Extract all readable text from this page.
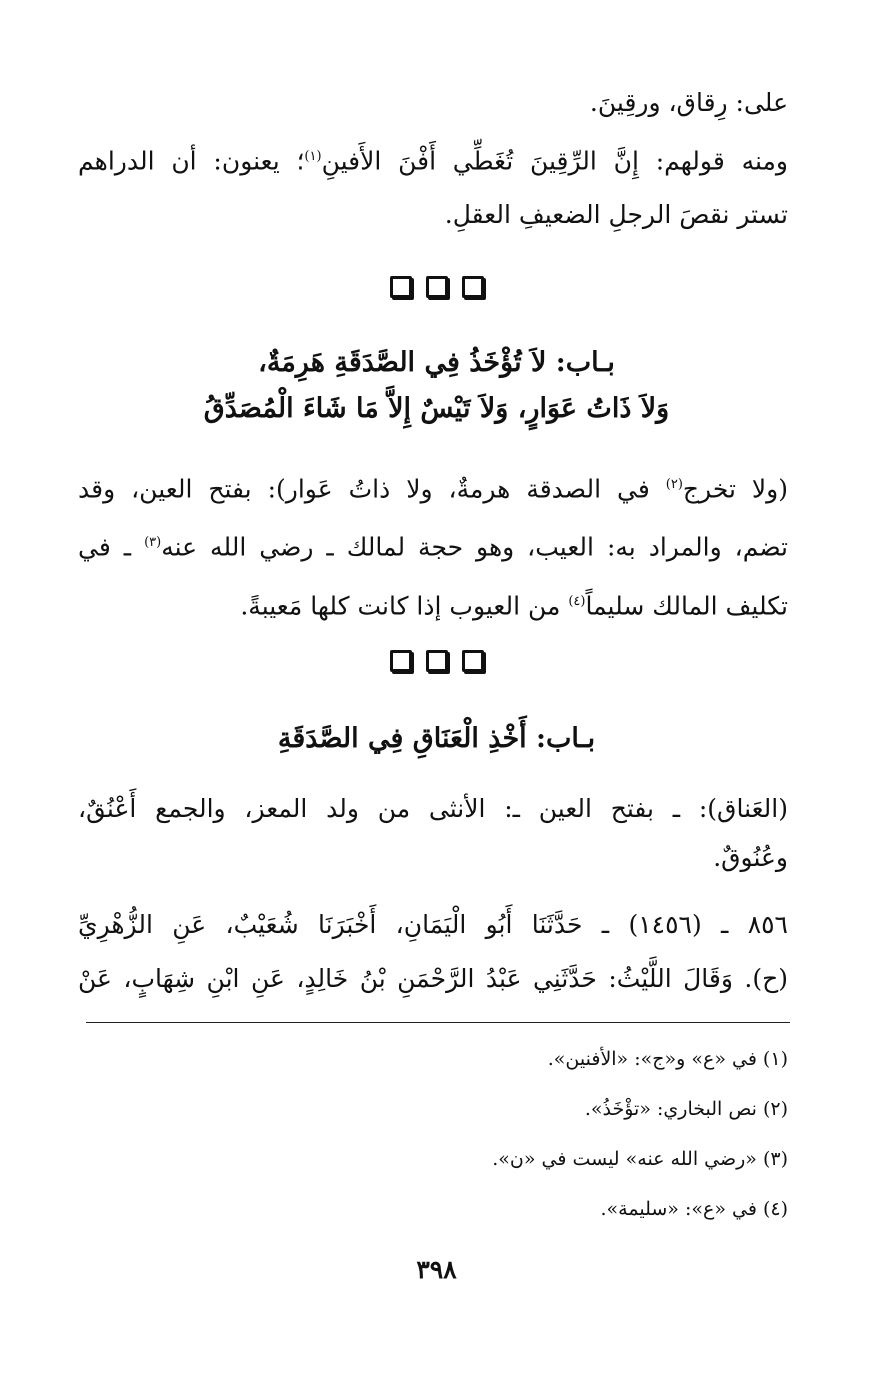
على: رِقاق، ورقِينَ.
ومنه قولهم: إِنَّ الرِّقِينَ تُغَطِّي أَفْنَ الأَفينِ$^{(١)}$؛ يعنون: أن الدراهم
تستر نقصَ الرجلِ الضعيفِ العقلِ.
بـاب: لاَ تُؤْخَذُ فِي الصَّدَقَةِ هَرِمَةٌ،
وَلاَ ذَاتُ عَوَارٍ، وَلاَ تَيْسٌ إِلاَّ مَا شَاءَ الْمُصَدِّقُ
(ولا تخرج$^{(٢)}$ في الصدقة هرمةٌ، ولا ذاتُ عَوار): بفتح العين، وقد
تضم، والمراد به: العيب، وهو حجة لمالك ـ رضي الله عنه$^{(٣)}$ ـ في
تكليف المالك سليماً$^{(٤)}$ من العيوب إذا كانت كلها مَعيبةً.
بـاب: أَخْذِ الْعَنَاقِ فِي الصَّدَقَةِ
(العَناق): ـ بفتح العين ـ: الأنثى من ولد المعز، والجمع أَعْنُقٌ،
وعُنُوقٌ.
٨٥٦ ـ (١٤٥٦) ـ حَدَّثَنَا أَبُو الْيَمَانِ، أَخْبَرَنَا شُعَيْبٌ، عَنِ الزُّهْرِيِّ
(ح). وَقَالَ اللَّيْثُ: حَدَّثَنِي عَبْدُ الرَّحْمَنِ بْنُ خَالِدٍ، عَنِ ابْنِ شِهَابٍ، عَنْ
(١) في «ع» و«ج»: «الأفنين».
(٢) نص البخاري: «تؤْخَذُ».
(٣) «رضي الله عنه» ليست في «ن».
(٤) في «ع»: «سليمة».
٣٩٨
